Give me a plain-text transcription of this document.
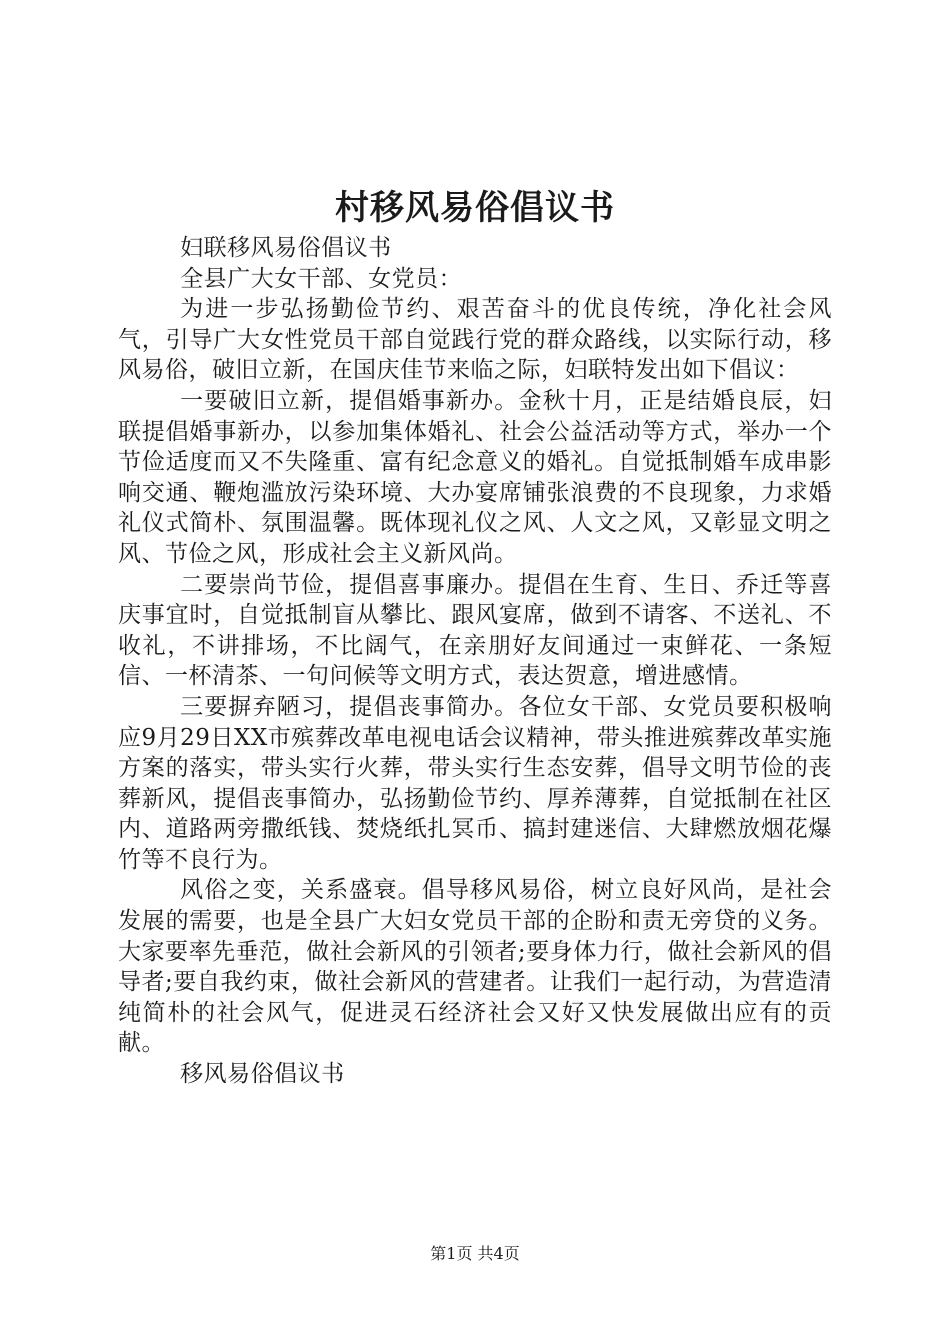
村移风易俗倡议书

妇联移风易俗倡议书

全县广大女干部、女党员：

为进一步弘扬勤俭节约、艰苦奋斗的优良传统，净化社会风气，引导广大女性党员干部自觉践行党的群众路线，以实际行动，移风易俗，破旧立新，在国庆佳节来临之际，妇联特发出如下倡议：

一要破旧立新，提倡婚事新办。金秋十月，正是结婚良辰，妇联提倡婚事新办，以参加集体婚礼、社会公益活动等方式，举办一个节俭适度而又不失隆重、富有纪念意义的婚礼。自觉抵制婚车成串影响交通、鞭炮滥放污染环境、大办宴席铺张浪费的不良现象，力求婚礼仪式简朴、氛围温馨。既体现礼仪之风、人文之风，又彰显文明之风、节俭之风，形成社会主义新风尚。

二要崇尚节俭，提倡喜事廉办。提倡在生育、生日、乔迁等喜庆事宜时，自觉抵制盲从攀比、跟风宴席，做到不请客、不送礼、不收礼，不讲排场，不比阔气，在亲朋好友间通过一束鲜花、一条短信、一杯清茶、一句问候等文明方式，表达贺意，增进感情。

三要摒弃陋习，提倡丧事简办。各位女干部、女党员要积极响应9月29日XX市殡葬改革电视电话会议精神，带头推进殡葬改革实施方案的落实，带头实行火葬，带头实行生态安葬，倡导文明节俭的丧葬新风，提倡丧事简办，弘扬勤俭节约、厚养薄葬，自觉抵制在社区内、道路两旁撒纸钱、焚烧纸扎冥币、搞封建迷信、大肆燃放烟花爆竹等不良行为。

风俗之变，关系盛衰。倡导移风易俗，树立良好风尚，是社会发展的需要，也是全县广大妇女党员干部的企盼和责无旁贷的义务。大家要率先垂范，做社会新风的引领者;要身体力行，做社会新风的倡导者;要自我约束，做社会新风的营建者。让我们一起行动，为营造清纯简朴的社会风气，促进灵石经济社会又好又快发展做出应有的贡献。

移风易俗倡议书

第1页 共4页
